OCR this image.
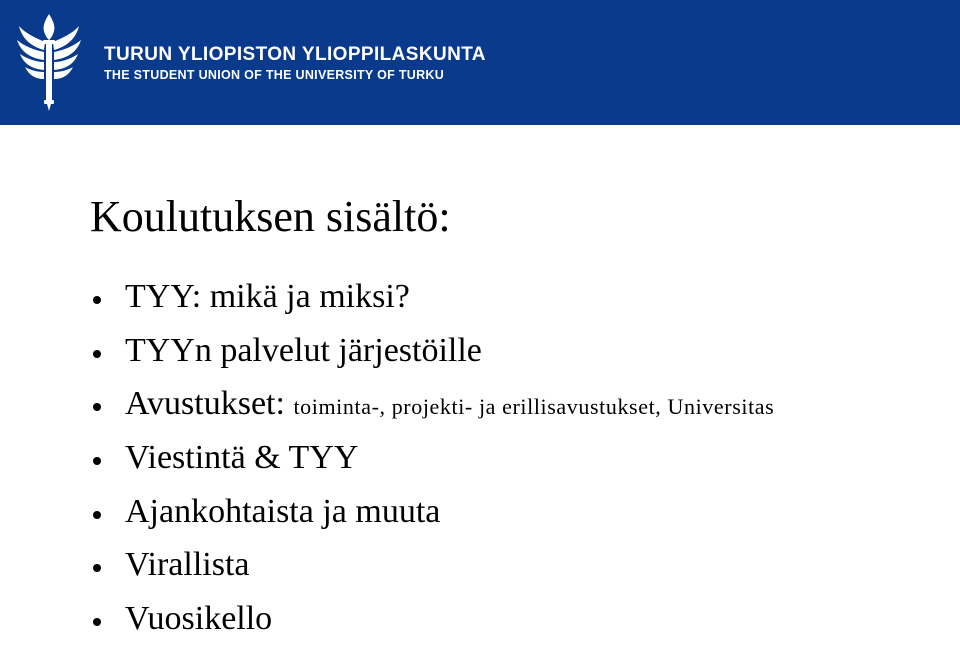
TURUN YLIOPISTON YLIOPPILASKUNTA
THE STUDENT UNION OF THE UNIVERSITY OF TURKU
Koulutuksen sisältö:
TYY: mikä ja miksi?
TYYn palvelut järjestöille
Avustukset: toiminta-, projekti- ja erillisavustukset, Universitas
Viestintä & TYY
Ajankohtaista ja muuta
Virallista
Vuosikello
